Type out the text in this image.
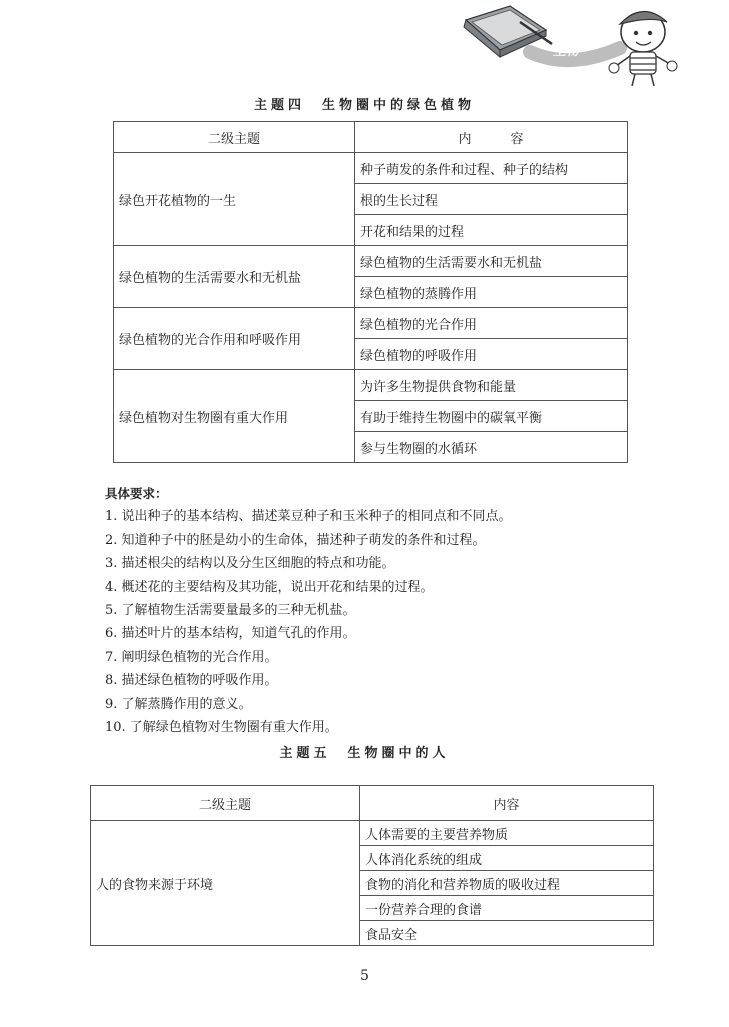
生物
主题四　生物圈中的绿色植物
二级主题	内　　　容
绿色开花植物的一生	种子萌发的条件和过程、种子的结构
	根的生长过程
	开花和结果的过程
绿色植物的生活需要水和无机盐	绿色植物的生活需要水和无机盐
	绿色植物的蒸腾作用
绿色植物的光合作用和呼吸作用	绿色植物的光合作用
	绿色植物的呼吸作用
绿色植物对生物圈有重大作用	为许多生物提供食物和能量
	有助于维持生物圈中的碳氧平衡
	参与生物圈的水循环
具体要求：
1. 说出种子的基本结构、描述菜豆种子和玉米种子的相同点和不同点。
2. 知道种子中的胚是幼小的生命体，描述种子萌发的条件和过程。
3. 描述根尖的结构以及分生区细胞的特点和功能。
4. 概述花的主要结构及其功能，说出开花和结果的过程。
5. 了解植物生活需要量最多的三种无机盐。
6. 描述叶片的基本结构，知道气孔的作用。
7. 阐明绿色植物的光合作用。
8. 描述绿色植物的呼吸作用。
9. 了解蒸腾作用的意义。
10. 了解绿色植物对生物圈有重大作用。
主题五　生物圈中的人
二级主题	内容
人的食物来源于环境	人体需要的主要营养物质
	人体消化系统的组成
	食物的消化和营养物质的吸收过程
	一份营养合理的食谱
	食品安全
5
